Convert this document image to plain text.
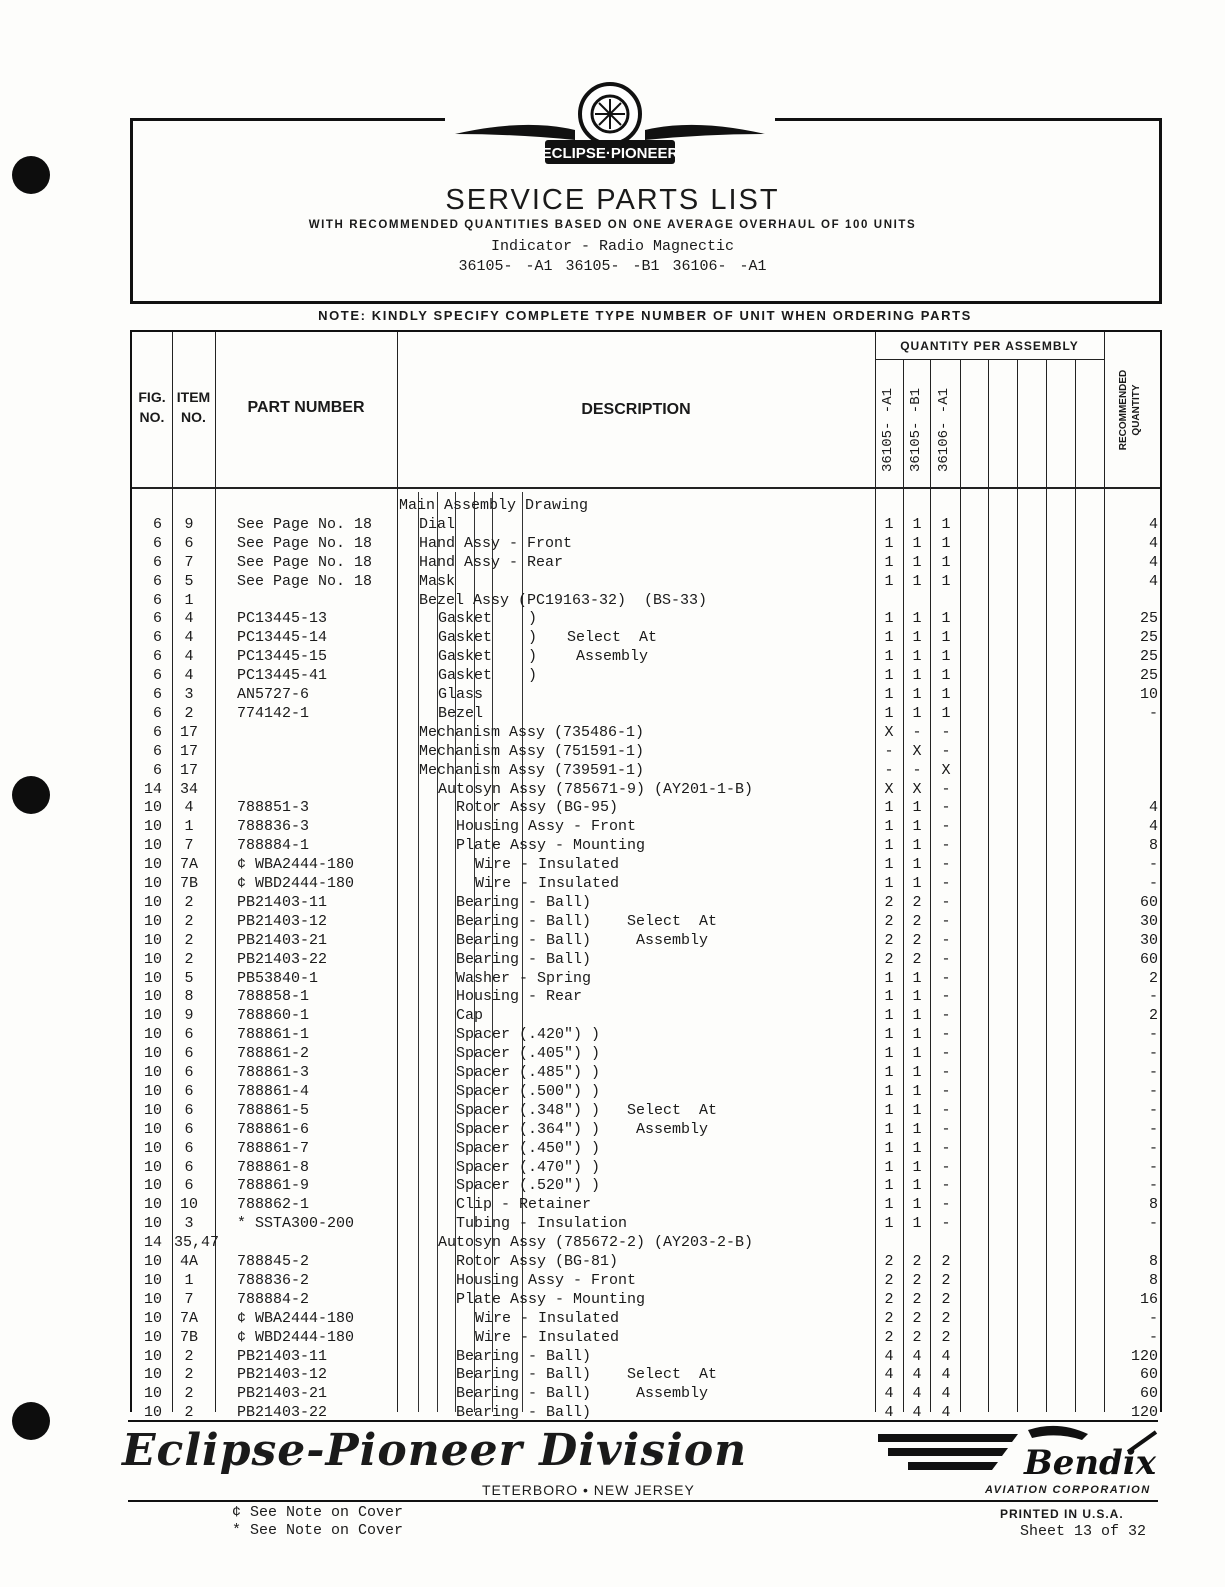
ECLIPSE·PIONEER
SERVICE PARTS LIST
WITH RECOMMENDED QUANTITIES BASED ON ONE AVERAGE OVERHAUL OF 100 UNITS
Indicator - Radio Magnectic
36105- -A1 36105- -B1 36106- -A1
NOTE: KINDLY SPECIFY COMPLETE TYPE NUMBER OF UNIT WHEN ORDERING PARTS
FIG. NO.
ITEM NO.
PART NUMBER	DESCRIPTION
QUANTITY PER ASSEMBLY
36105- -A1 36105- -B1 36106- -A1	RECOMMENDED QUANTITY
Main Assembly Drawing
6	9	See Page No. 18	Dial	1	1	1	4
6	6	See Page No. 18	Hand Assy - Front	1	1	1	4
6	7	See Page No. 18	Hand Assy - Rear	1	1	1	4
6	5	See Page No. 18	Mask	1	1	1	4
6	1	Bezel Assy (PC19163-32)  (BS-33)
6	4	PC13445-13	Gasket    )	1	1	1	25
6	4	PC13445-14	Gasket    ) Select  At	1	1	1	25
6	4	PC13445-15	Gasket    ) Assembly	1	1	1	25
6	4	PC13445-41	Gasket    )	1	1	1	25
6	3	AN5727-6	Glass	1	1	1	10
6	2	774142-1	Bezel	1	1	1	-
6	17	Mechanism Assy (735486-1)	X	-	-
6	17	Mechanism Assy (751591-1)	-	X	-
6	17	Mechanism Assy (739591-1)	-	-	X
14	34	Autosyn Assy (785671-9) (AY201-1-B)	X	X	-
10	4	788851-3	Rotor Assy (BG-95)	1	1	-	4
10	1	788836-3	Housing Assy - Front	1	1	-	4
10	7	788884-1	Plate Assy - Mounting	1	1	-	8
10	7A	¢ WBA2444-180	Wire - Insulated	1	1	-	-
10	7B	¢ WBD2444-180	Wire - Insulated	1	1	-	-
10	2	PB21403-11	Bearing - Ball)	2	2	-	60
10	2	PB21403-12	Bearing - Ball) Select  At	2	2	-	30
10	2	PB21403-21	Bearing - Ball) Assembly	2	2	-	30
10	2	PB21403-22	Bearing - Ball)	2	2	-	60
10	5	PB53840-1	Washer - Spring	1	1	-	2
10	8	788858-1	Housing - Rear	1	1	-	-
10	9	788860-1	Cap	1	1	-	2
10	6	788861-1	Spacer (.420") )	1	1	-	-
10	6	788861-2	Spacer (.405") )	1	1	-	-
10	6	788861-3	Spacer (.485") )	1	1	-	-
10	6	788861-4	Spacer (.500") )	1	1	-	-
10	6	788861-5	Spacer (.348") ) Select  At	1	1	-	-
10	6	788861-6	Spacer (.364") ) Assembly	1	1	-	-
10	6	788861-7	Spacer (.450") )	1	1	-	-
10	6	788861-8	Spacer (.470") )	1	1	-	-
10	6	788861-9	Spacer (.520") )	1	1	-	-
10	10	788862-1	Clip - Retainer	1	1	-	8
10	3	* SSTA300-200	Tubing - Insulation	1	1	-	-
14 35,47	Autosyn Assy (785672-2) (AY203-2-B)
10	4A	788845-2	Rotor Assy (BG-81)	2	2	2	8
10	1	788836-2	Housing Assy - Front	2	2	2	8
10	7	788884-2	Plate Assy - Mounting	2	2	2	16
10	7A	¢ WBA2444-180	Wire - Insulated	2	2	2	-
10	7B	¢ WBD2444-180	Wire - Insulated	2	2	2	-
10	2	PB21403-11	Bearing - Ball)	4	4	4	120
10	2	PB21403-12	Bearing - Ball) Select  At	4	4	4	60
10	2	PB21403-21	Bearing - Ball) Assembly	4	4	4	60
10	2	PB21403-22	Bearing - Ball)	4	4	4	120
Eclipse-Pioneer Division
TETERBORO • NEW JERSEY
Bendix
AVIATION CORPORATION
¢ See Note on Cover
* See Note on Cover
PRINTED IN U.S.A.
Sheet 13 of 32
